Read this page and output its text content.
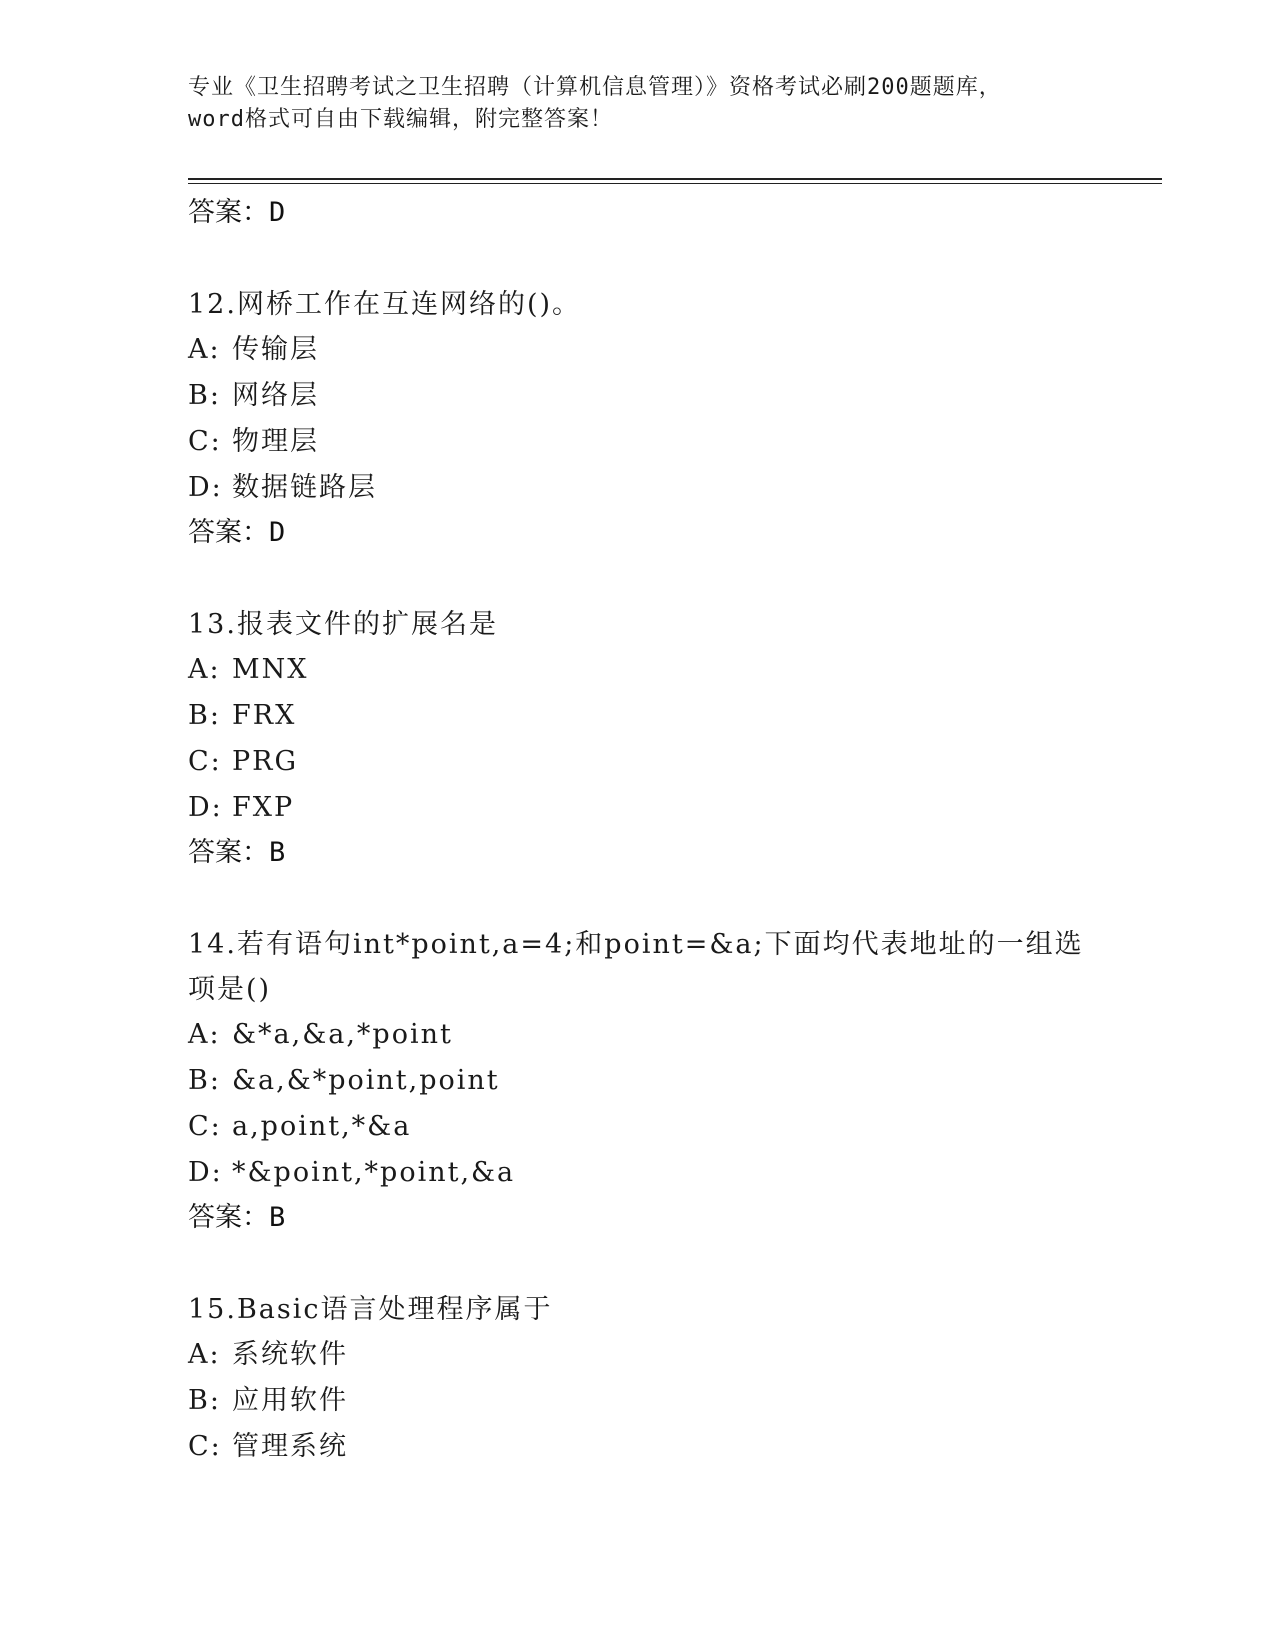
专业《卫生招聘考试之卫生招聘（计算机信息管理）》资格考试必刷200题题库，
word格式可自由下载编辑，附完整答案！
答案：D
12.网桥工作在互连网络的()。
A: 传输层
B: 网络层
C: 物理层
D: 数据链路层
答案：D
13.报表文件的扩展名是
A: MNX
B: FRX
C: PRG
D: FXP
答案：B
14.若有语句int*point,a=4;和point=&a;下面均代表地址的一组选项是()
A: &*a,&a,*point
B: &a,&*point,point
C: a,point,*&a
D: *&point,*point,&a
答案：B
15.Basic语言处理程序属于
A: 系统软件
B: 应用软件
C: 管理系统
